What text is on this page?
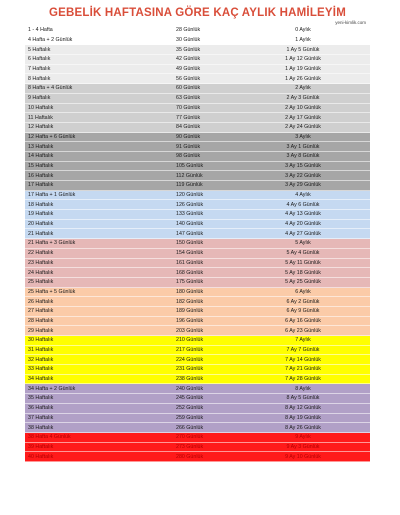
GEBELİK HAFTASINA GÖRE KAÇ AYLIK HAMİLEYİM
yeni-kimlik.com
1 - 4 Hafta	28 Günlük	0 Aylık
4 Hafta + 2 Günlük	30 Günlük	1 Aylık
5 Haftalık	35 Günlük	1 Ay 5 Günlük
6 Haftalık	42 Günlük	1 Ay 12 Günlük
7 Haftalık	49 Günlük	1 Ay 19 Günlük
8 Haftalık	56 Günlük	1 Ay 26 Günlük
8 Hafta + 4 Günlük	60 Günlük	2 Aylık
9 Haftalık	63 Günlük	2 Ay 3 Günlük
10 Haftalık	70 Günlük	2 Ay 10 Günlük
11 Haftalık	77 Günlük	2 Ay 17 Günlük
12 Haftalık	84 Günlük	2 Ay 24 Günlük
12 Hafta + 6 Günlük	90 Günlük	3 Aylık
13 Haftalık	91 Günlük	3 Ay 1 Günlük
14 Haftalık	98 Günlük	3 Ay 8 Günlük
15 Haftalık	105 Günlük	3 Ay 15 Günlük
16 Haftalık	112 Günlük	3 Ay 22 Günlük
17 Haftalık	119 Günlük	3 Ay 29 Günlük
17 Hafta + 1 Günlük	120 Günlük	4 Aylık
18 Haftalık	126 Günlük	4 Ay 6 Günlük
19 Haftalık	133 Günlük	4 Ay 13 Günlük
20 Haftalık	140 Günlük	4 Ay 20 Günlük
21 Haftalık	147 Günlük	4 Ay 27 Günlük
21 Hafta + 3 Günlük	150 Günlük	5 Aylık
22 Haftalık	154 Günlük	5 Ay 4 Günlük
23 Haftalık	161 Günlük	5 Ay 11 Günlük
24 Haftalık	168 Günlük	5 Ay 18 Günlük
25 Haftalık	175 Günlük	5 Ay 25 Günlük
25 Hafta + 5 Günlük	180 Günlük	6 Aylık
26 Haftalık	182 Günlük	6 Ay 2 Günlük
27 Haftalık	189 Günlük	6 Ay 9 Günlük
28 Haftalık	196 Günlük	6 Ay 16 Günlük
29 Haftalık	203 Günlük	6 Ay 23 Günlük
30 Haftalık	210 Günlük	7 Aylık
31 Haftalık	217 Günlük	7 Ay 7 Günlük
32 Haftalık	224 Günlük	7 Ay 14 Günlük
33 Haftalık	231 Günlük	7 Ay 21 Günlük
34 Haftalık	238 Günlük	7 Ay 28 Günlük
34 Hafta + 2 Günlük	240 Günlük	8 Aylık
35 Haftalık	245 Günlük	8 Ay 5 Günlük
36 Haftalık	252 Günlük	8 Ay 12 Günlük
37 Haftalık	259 Günlük	8 Ay 19 Günlük
38 Haftalık	266 Günlük	8 Ay 26 Günlük
38 Hafta 4 Günlük	270 Günlük	9 Aylık
39 Haftalık	273 Günlük	9 Ay 3 Günlük
40 Haftalık	280 Günlük	9 Ay 10 Günlük
